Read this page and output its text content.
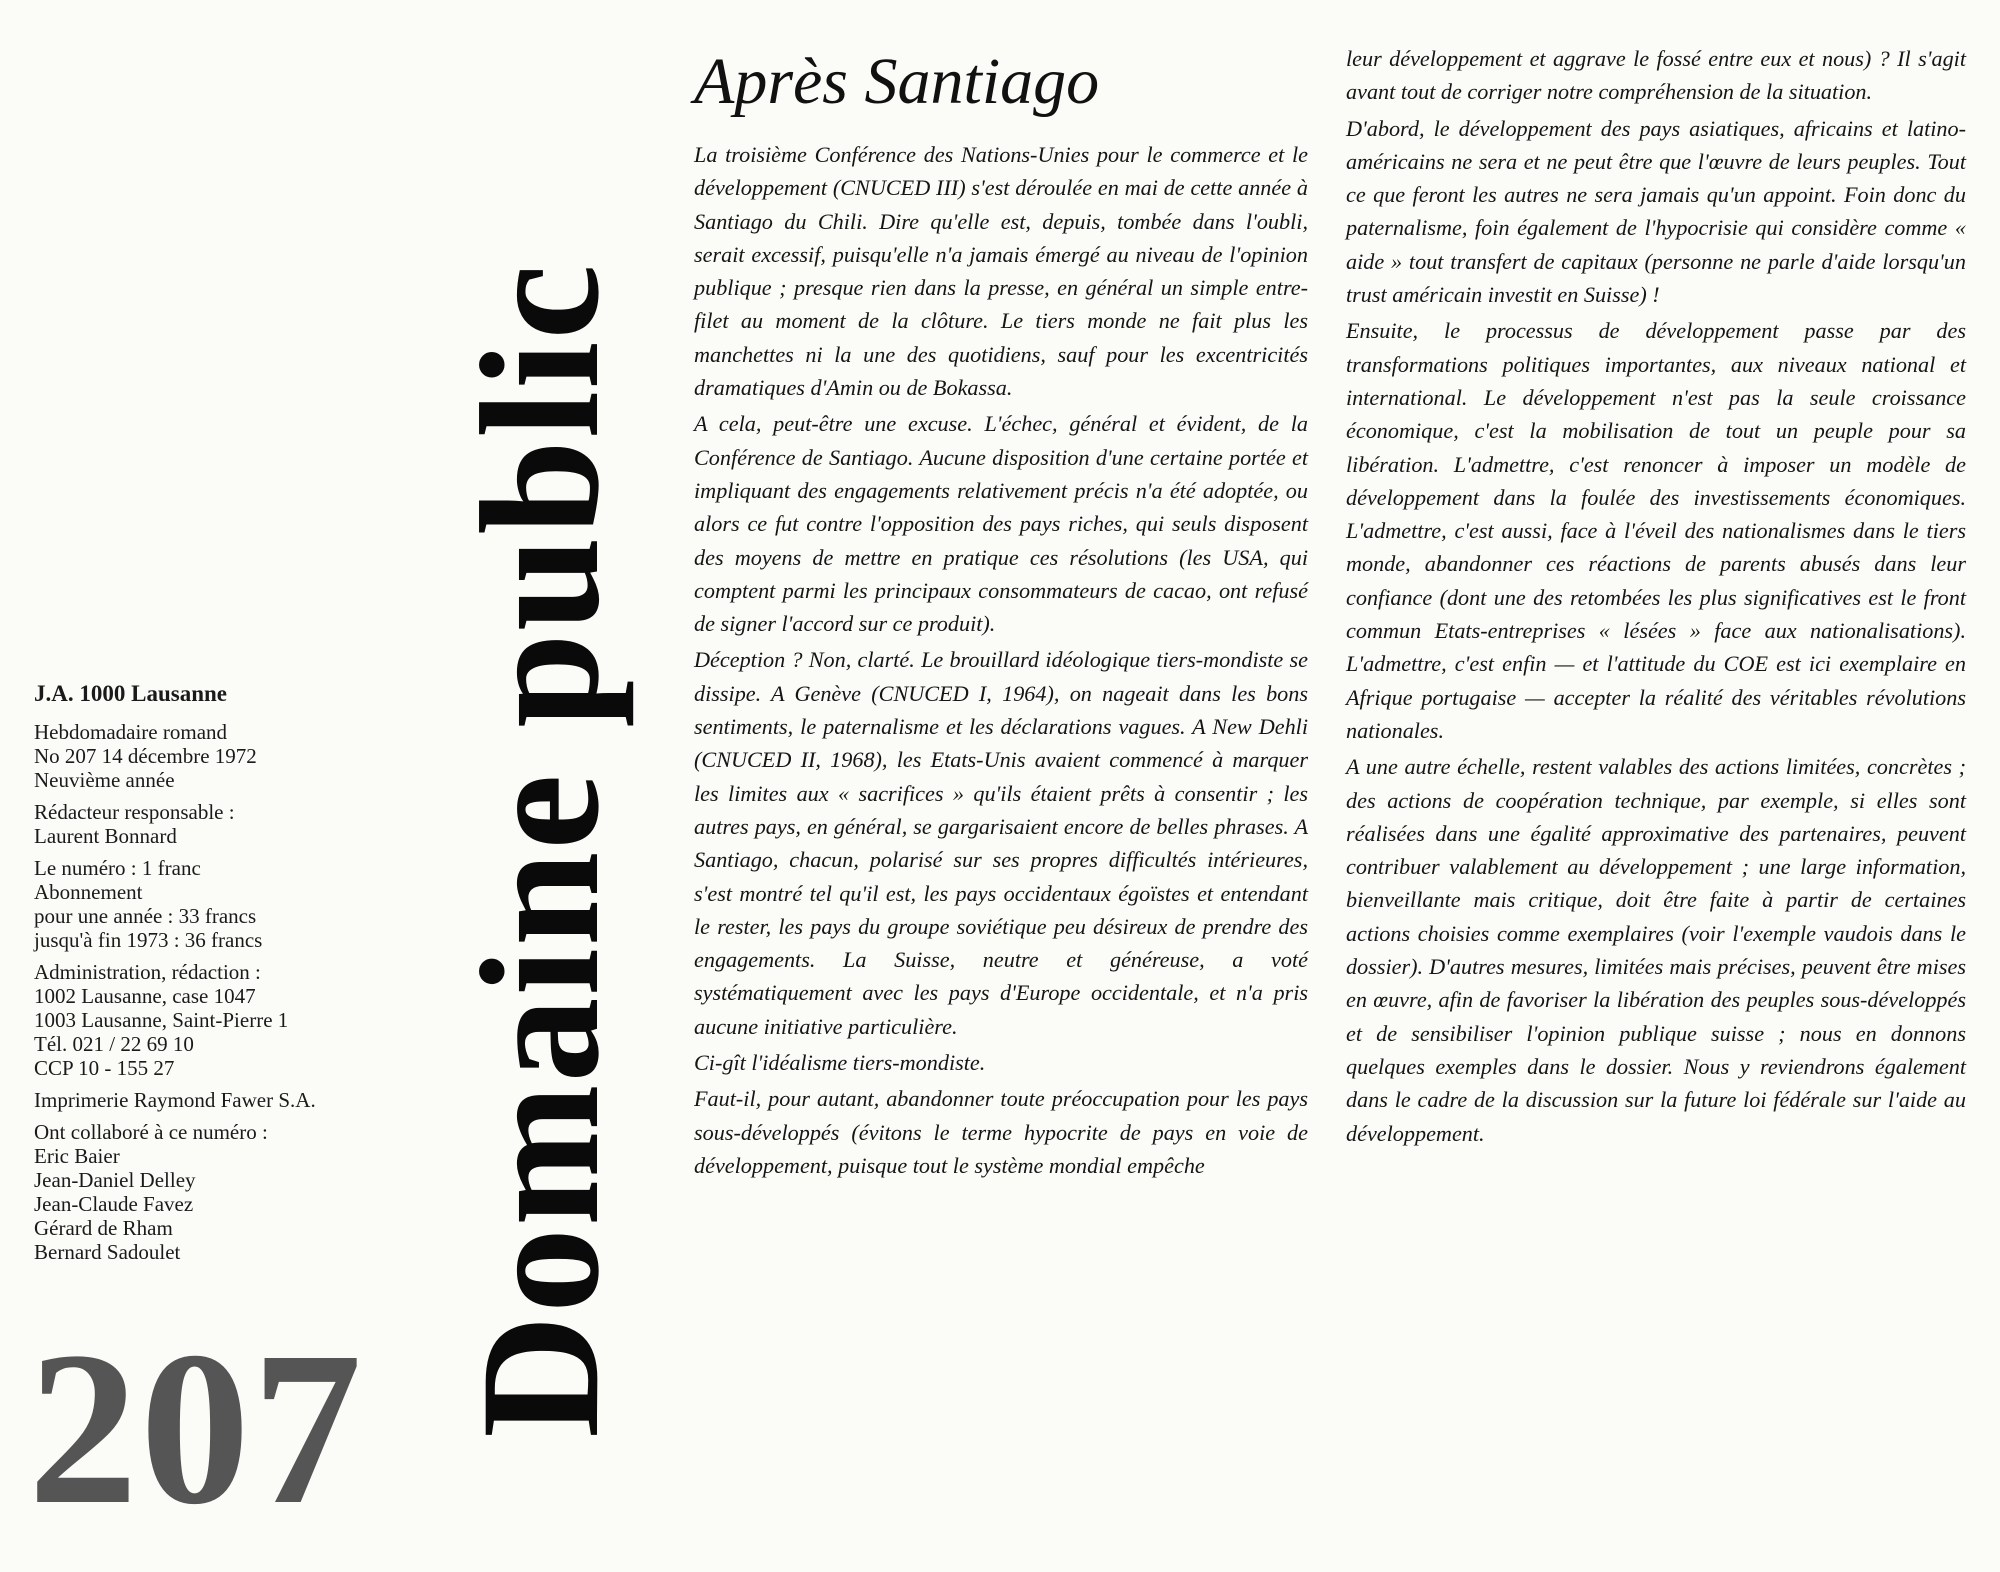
Domaine public
J.A. 1000 Lausanne
Hebdomadaire romand
No 207 14 décembre 1972
Neuvième année
Rédacteur responsable :
Laurent Bonnard
Le numéro : 1 franc
Abonnement
pour une année : 33 francs
jusqu'à fin 1973 : 36 francs
Administration, rédaction :
1002 Lausanne, case 1047
1003 Lausanne, Saint-Pierre 1
Tél. 021 / 22 69 10
CCP 10 - 155 27
Imprimerie Raymond Fawer S.A.
Ont collaboré à ce numéro :
Eric Baier
Jean-Daniel Delley
Jean-Claude Favez
Gérard de Rham
Bernard Sadoulet
207
Après Santiago

La troisième Conférence des Nations-Unies pour le commerce et le développement (CNUCED III) s'est déroulée en mai de cette année à Santiago du Chili. Dire qu'elle est, depuis, tombée dans l'oubli, serait excessif, puisqu'elle n'a jamais émergé au niveau de l'opinion publique ; presque rien dans la presse, en général un simple entre-filet au moment de la clôture. Le tiers monde ne fait plus les manchettes ni la une des quotidiens, sauf pour les excentricités dramatiques d'Amin ou de Bokassa.

A cela, peut-être une excuse. L'échec, général et évident, de la Conférence de Santiago. Aucune disposition d'une certaine portée et impliquant des engagements relativement précis n'a été adoptée, ou alors ce fut contre l'opposition des pays riches, qui seuls disposent des moyens de mettre en pratique ces résolutions (les USA, qui comptent parmi les principaux consommateurs de cacao, ont refusé de signer l'accord sur ce produit).

Déception ? Non, clarté. Le brouillard idéologique tiers-mondiste se dissipe. A Genève (CNUCED I, 1964), on nageait dans les bons sentiments, le paternalisme et les déclarations vagues. A New Dehli (CNUCED II, 1968), les Etats-Unis avaient commencé à marquer les limites aux « sacrifices » qu'ils étaient prêts à consentir ; les autres pays, en général, se gargarisaient encore de belles phrases. A Santiago, chacun, polarisé sur ses propres difficultés intérieures, s'est montré tel qu'il est, les pays occidentaux égoïstes et entendant le rester, les pays du groupe soviétique peu désireux de prendre des engagements. La Suisse, neutre et généreuse, a voté systématiquement avec les pays d'Europe occidentale, et n'a pris aucune initiative particulière.

Ci-gît l'idéalisme tiers-mondiste.

Faut-il, pour autant, abandonner toute préoccupation pour les pays sous-développés (évitons le terme hypocrite de pays en voie de développement, puisque tout le système mondial empêche

leur développement et aggrave le fossé entre eux et nous) ? Il s'agit avant tout de corriger notre compréhension de la situation.

D'abord, le développement des pays asiatiques, africains et latino-américains ne sera et ne peut être que l'œuvre de leurs peuples. Tout ce que feront les autres ne sera jamais qu'un appoint. Foin donc du paternalisme, foin également de l'hypocrisie qui considère comme « aide » tout transfert de capitaux (personne ne parle d'aide lorsqu'un trust américain investit en Suisse) !

Ensuite, le processus de développement passe par des transformations politiques importantes, aux niveaux national et international. Le développement n'est pas la seule croissance économique, c'est la mobilisation de tout un peuple pour sa libération. L'admettre, c'est renoncer à imposer un modèle de développement dans la foulée des investissements économiques. L'admettre, c'est aussi, face à l'éveil des nationalismes dans le tiers monde, abandonner ces réactions de parents abusés dans leur confiance (dont une des retombées les plus significatives est le front commun Etats-entreprises « lésées » face aux nationalisations). L'admettre, c'est enfin — et l'attitude du COE est ici exemplaire en Afrique portugaise — accepter la réalité des véritables révolutions nationales.

A une autre échelle, restent valables des actions limitées, concrètes ; des actions de coopération technique, par exemple, si elles sont réalisées dans une égalité approximative des partenaires, peuvent contribuer valablement au développement ; une large information, bienveillante mais critique, doit être faite à partir de certaines actions choisies comme exemplaires (voir l'exemple vaudois dans le dossier). D'autres mesures, limitées mais précises, peuvent être mises en œuvre, afin de favoriser la libération des peuples sous-développés et de sensibiliser l'opinion publique suisse ; nous en donnons quelques exemples dans le dossier. Nous y reviendrons également dans le cadre de la discussion sur la future loi fédérale sur l'aide au développement.
